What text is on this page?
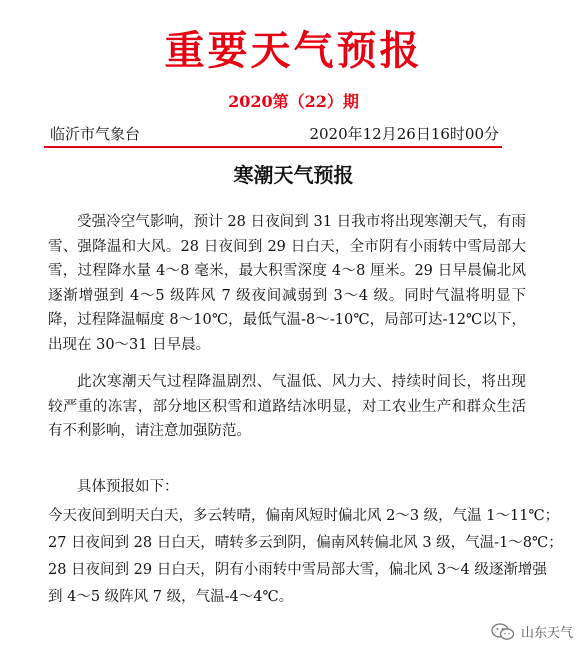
重要天气预报
2020第（22）期
临沂市气象台	2020年12月26日16时00分
寒潮天气预报

受强冷空气影响，预计 28 日夜间到 31 日我市将出现寒潮天气，有雨雪、强降温和大风。28 日夜间到 29 日白天，全市阴有小雨转中雪局部大雪，过程降水量 4～8 毫米，最大积雪深度 4～8 厘米。29 日早晨偏北风逐渐增强到 4～5 级阵风 7 级夜间减弱到 3～4 级。同时气温将明显下降，过程降温幅度 8～10℃，最低气温-8～-10℃，局部可达-12℃以下，出现在 30～31 日早晨。

此次寒潮天气过程降温剧烈、气温低、风力大、持续时间长，将出现较严重的冻害，部分地区积雪和道路结冰明显，对工农业生产和群众生活有不利影响，请注意加强防范。

具体预报如下：

今天夜间到明天白天，多云转晴，偏南风短时偏北风 2～3 级，气温 1～11℃；

27 日夜间到 28 日白天，晴转多云到阴，偏南风转偏北风 3 级，气温-1～8℃；

28 日夜间到 29 日白天，阴有小雨转中雪局部大雪，偏北风 3～4 级逐渐增强

到 4～5 级阵风 7 级，气温-4～4℃。

山东天气
